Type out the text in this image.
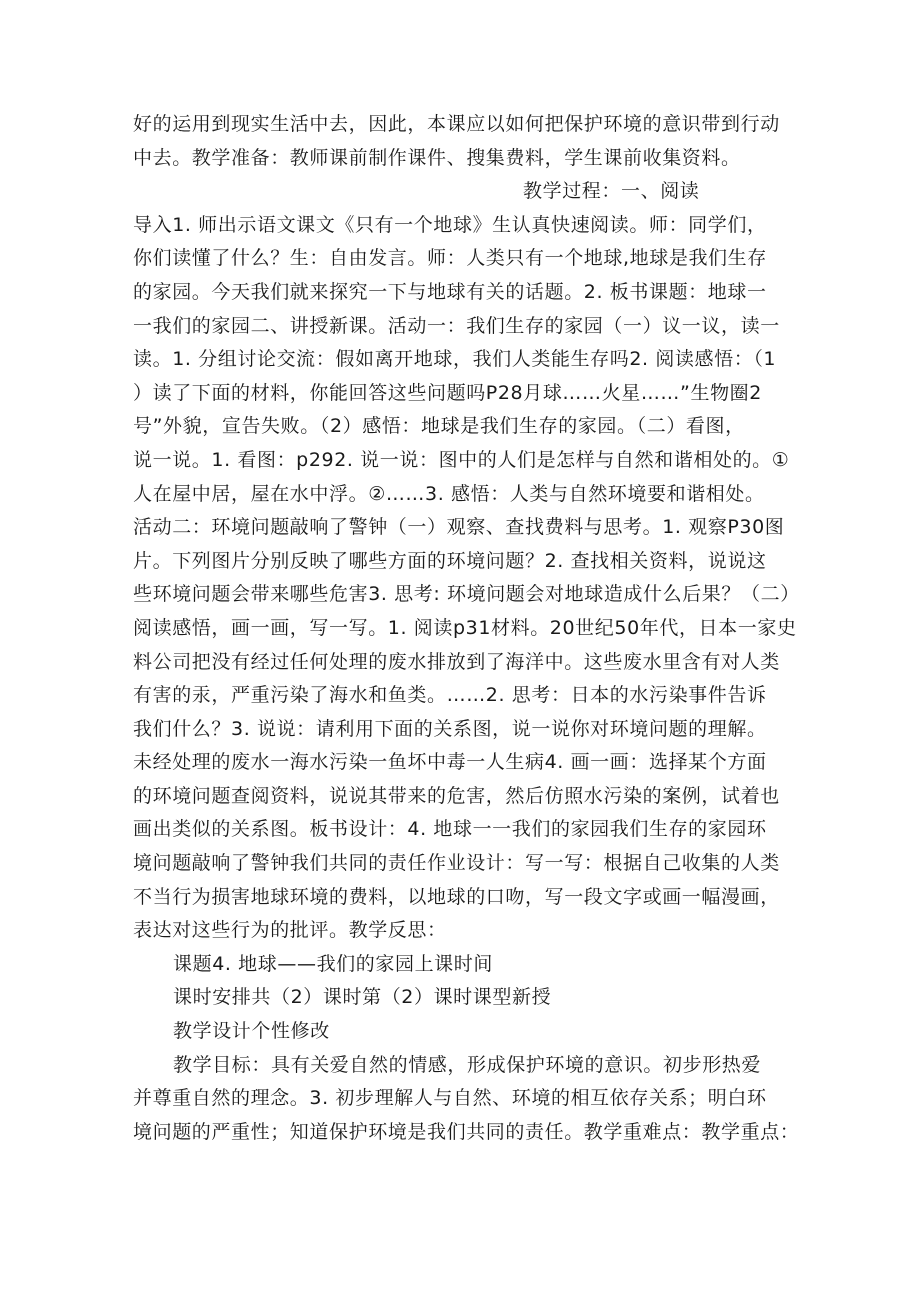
好的运用到现实生活中去，因此，本课应以如何把保护环境的意识带到行动
中去。教学准备：教师课前制作课件、搜集费料，学生课前收集资料。
教学过程：一、阅读
导入1. 师出示语文课文《只有一个地球》生认真快速阅读。师：同学们，
你们读懂了什么？生：自由发言。师：人类只有一个地球,地球是我们生存
的家园。今天我们就来探究一下与地球有关的话题。2. 板书课题：地球一
一我们的家园二、讲授新课。活动一：我们生存的家园（一）议一议，读一
读。1. 分组讨论交流：假如离开地球，我们人类能生存吗2. 阅读感悟：（1
）读了下面的材料，你能回答这些问题吗P28月球……火星……”生物圈2
号”外貌，宣告失败。（2）感悟：地球是我们生存的家园。（二）看图，
说一说。1. 看图：p292. 说一说：图中的人们是怎样与自然和谐相处的。①
人在屋中居，屋在水中浮。②……3. 感悟：人类与自然环境要和谐相处。
活动二：环境问题敲响了警钟（一）观察、查找费料与思考。1. 观察P30图
片。下列图片分别反映了哪些方面的环境问题？2. 查找相关资料，说说这
些环境问题会带来哪些危害3. 思考: 环境问题会对地球造成什么后果？（二）
阅读感悟，画一画，写一写。1. 阅读p31材料。20世纪50年代，日本一家史
料公司把没有经过任何处理的废水排放到了海洋中。这些废水里含有对人类
有害的汞，严重污染了海水和鱼类。……2. 思考：日本的水污染事件告诉
我们什么？3. 说说：请利用下面的关系图，说一说你对环境问题的理解。
未经处理的废水一海水污染一鱼坏中毒一人生病4. 画一画：选择某个方面
的环境问题查阅资料，说说其带来的危害，然后仿照水污染的案例，试着也
画出类似的关系图。板书设计：4. 地球一一我们的家园我们生存的家园环
境问题敲响了警钟我们共同的责任作业设计：写一写：根据自己收集的人类
不当行为损害地球环境的费料，以地球的口吻，写一段文字或画一幅漫画，
表达对这些行为的批评。教学反思：
课题4. 地球——我们的家园上课时间
课时安排共（2）课时第（2）课时课型新授
教学设计个性修改
教学目标：具有关爱自然的情感，形成保护环境的意识。初步形热爱
并尊重自然的理念。3. 初步理解人与自然、环境的相互依存关系；明白环
境问题的严重性；知道保护环境是我们共同的责任。教学重难点：教学重点：
